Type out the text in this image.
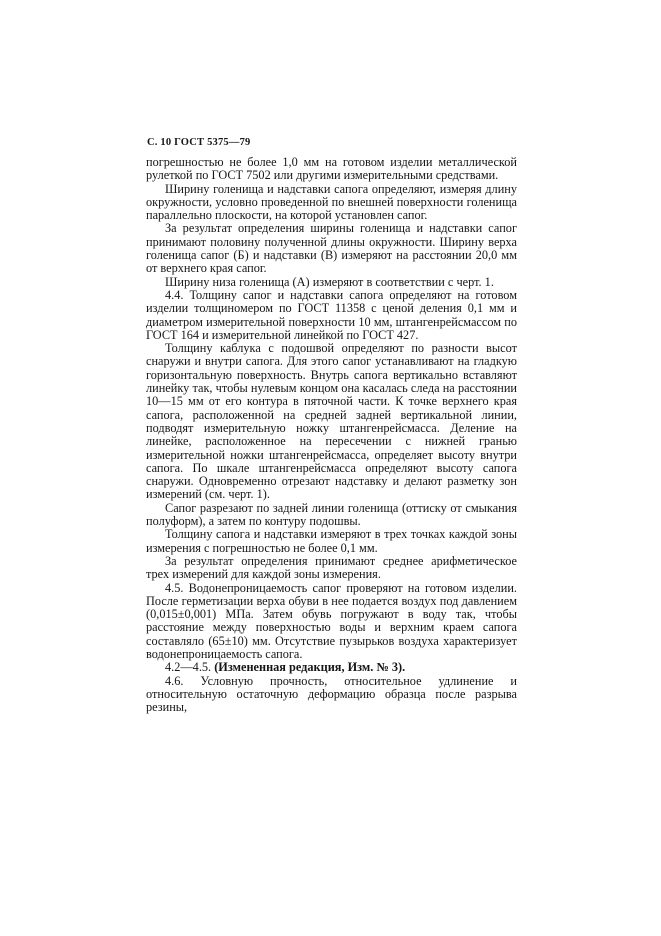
С. 10 ГОСТ 5375—79

погрешностью не более 1,0 мм на готовом изделии металлической рулеткой по ГОСТ 7502 или другими измерительными средствами.

Ширину голенища и надставки сапога определяют, измеряя длину окружности, условно проведенной по внешней поверхности голенища параллельно плоскости, на которой установлен сапог.

За результат определения ширины голенища и надставки сапог принимают половину полученной длины окружности. Ширину верха голенища сапог (Б) и надставки (В) измеряют на расстоянии 20,0 мм от верхнего края сапог.

Ширину низа голенища (А) измеряют в соответствии с черт. 1.

4.4. Толщину сапог и надставки сапога определяют на готовом изделии толщиномером по ГОСТ 11358 с ценой деления 0,1 мм и диаметром измерительной поверхности 10 мм, штангенрейсмассом по ГОСТ 164 и измерительной линейкой по ГОСТ 427.

Толщину каблука с подошвой определяют по разности высот снаружи и внутри сапога. Для этого сапог устанавливают на гладкую горизонтальную поверхность. Внутрь сапога вертикально вставляют линейку так, чтобы нулевым концом она касалась следа на расстоянии 10—15 мм от его контура в пяточной части. К точке верхнего края сапога, расположенной на средней задней вертикальной линии, подводят измерительную ножку штангенрейсмасса. Деление на линейке, расположенное на пересечении с нижней гранью измерительной ножки штангенрейсмасса, определяет высоту внутри сапога. По шкале штангенрейсмасса определяют высоту сапога снаружи. Одновременно отрезают надставку и делают разметку зон измерений (см. черт. 1).

Сапог разрезают по задней линии голенища (оттиску от смыкания полуформ), а затем по контуру подошвы.

Толщину сапога и надставки измеряют в трех точках каждой зоны измерения с погрешностью не более 0,1 мм.

За результат определения принимают среднее арифметическое трех измерений для каждой зоны измерения.

4.5. Водонепроницаемость сапог проверяют на готовом изделии. После герметизации верха обуви в нее подается воздух под давлением (0,015±0,001) МПа. Затем обувь погружают в воду так, чтобы расстояние между поверхностью воды и верхним краем сапога составляло (65±10) мм. Отсутствие пузырьков воздуха характеризует водонепроницаемость сапога.

4.2—4.5. (Измененная редакция, Изм. № 3).

4.6. Условную прочность, относительное удлинение и относительную остаточную деформацию образца после разрыва резины,
